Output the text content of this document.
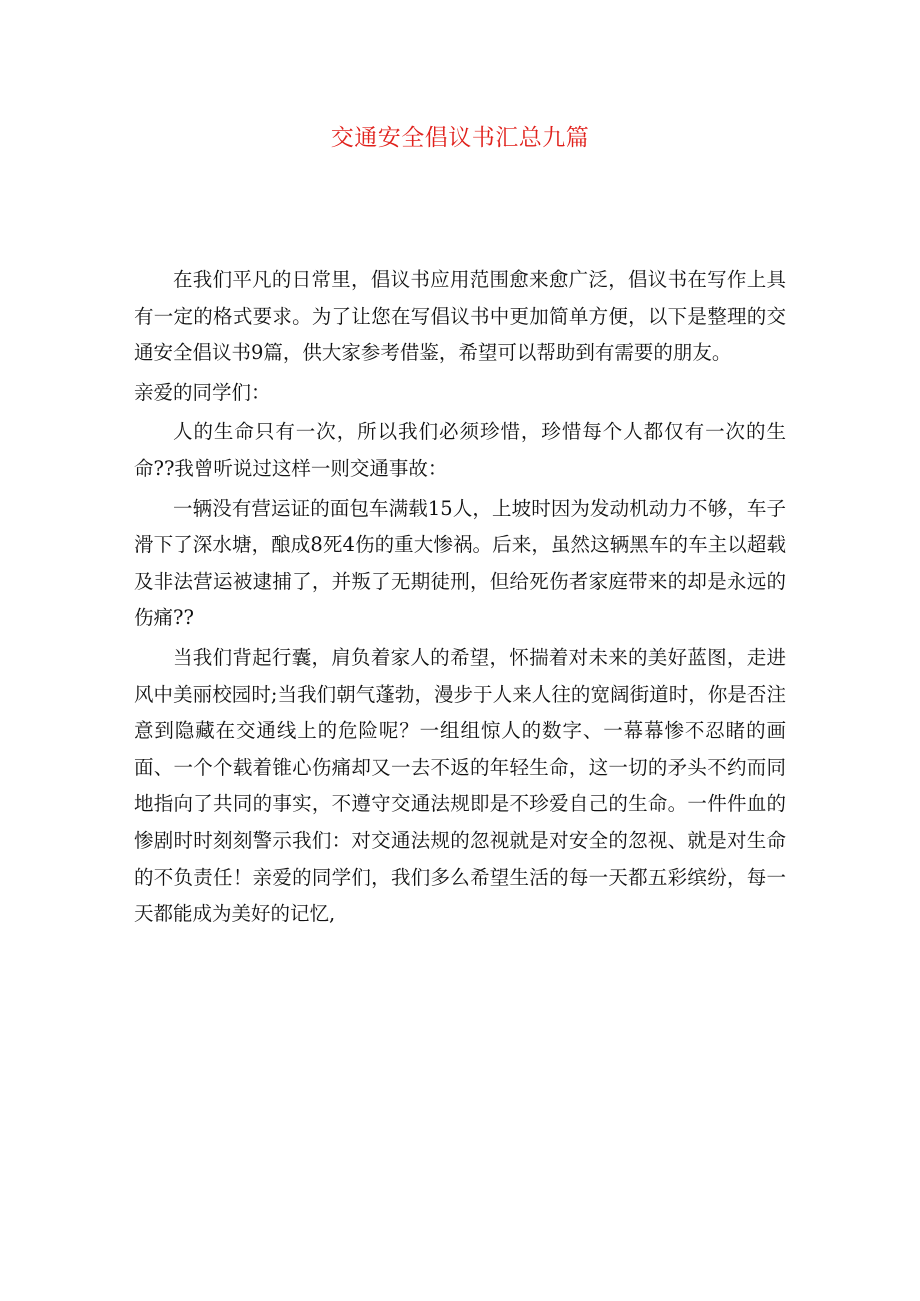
交通安全倡议书汇总九篇

在我们平凡的日常里，倡议书应用范围愈来愈广泛，倡议书在写作上具有一定的格式要求。为了让您在写倡议书中更加简单方便，以下是整理的交通安全倡议书9篇，供大家参考借鉴，希望可以帮助到有需要的朋友。

亲爱的同学们：

人的生命只有一次，所以我们必须珍惜，珍惜每个人都仅有一次的生命??我曾听说过这样一则交通事故：

一辆没有营运证的面包车满载15人，上坡时因为发动机动力不够，车子滑下了深水塘，酿成8死4伤的重大惨祸。后来，虽然这辆黑车的车主以超载及非法营运被逮捕了，并叛了无期徒刑，但给死伤者家庭带来的却是永远的伤痛??

当我们背起行囊，肩负着家人的希望，怀揣着对未来的美好蓝图，走进风中美丽校园时;当我们朝气蓬勃，漫步于人来人往的宽阔街道时，你是否注意到隐藏在交通线上的危险呢？一组组惊人的数字、一幕幕惨不忍睹的画面、一个个载着锥心伤痛却又一去不返的年轻生命，这一切的矛头不约而同地指向了共同的事实，不遵守交通法规即是不珍爱自己的生命。一件件血的惨剧时时刻刻警示我们：对交通法规的忽视就是对安全的忽视、就是对生命的不负责任！亲爱的同学们，我们多么希望生活的每一天都五彩缤纷，每一天都能成为美好的记忆,
